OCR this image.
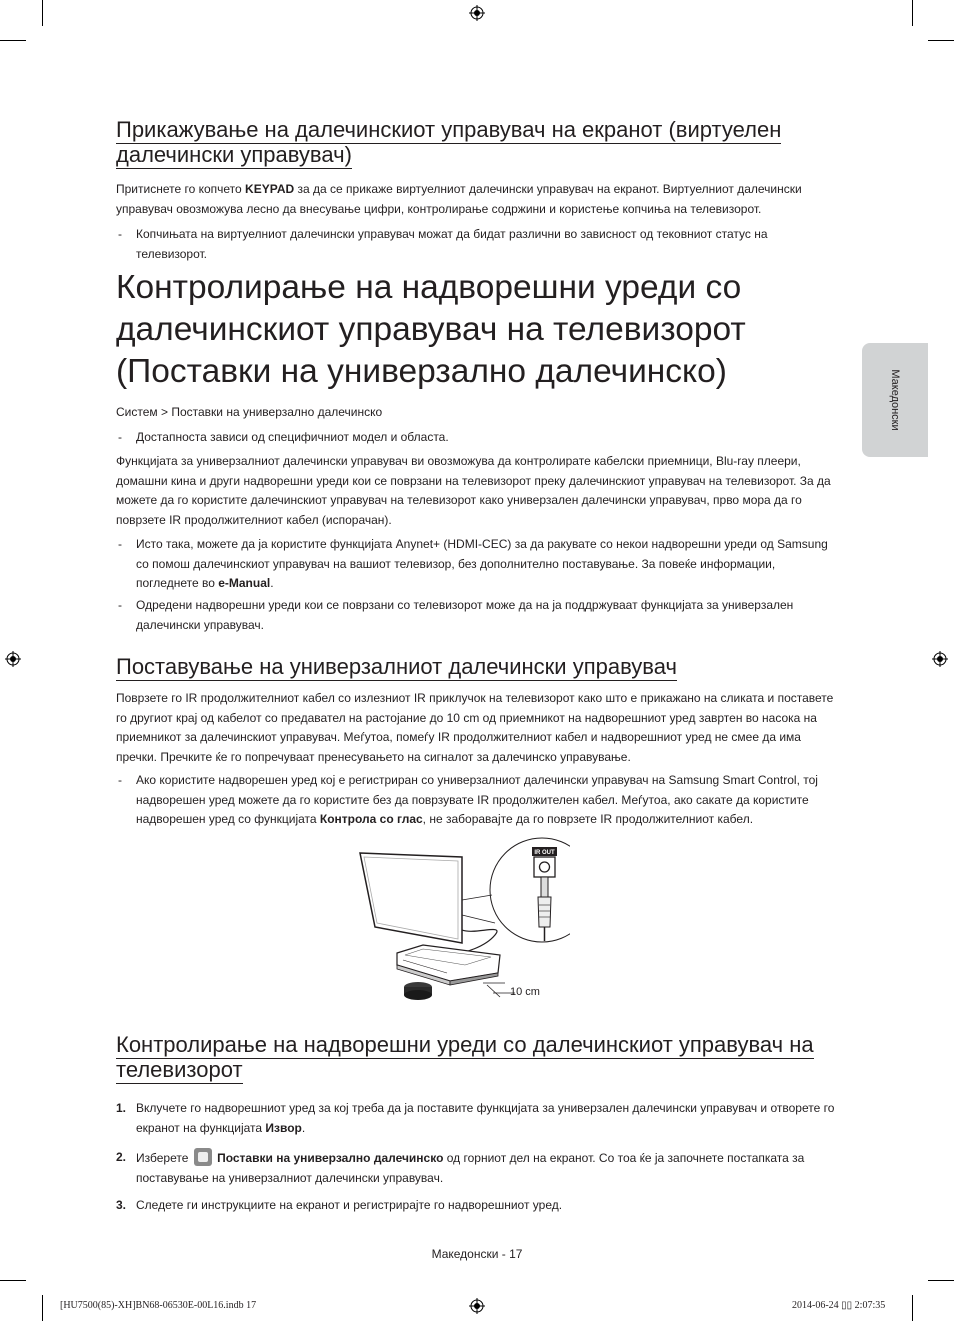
Македонски
Прикажување на далечинскиот управувач на екранот (виртуелен далечински управувач)
Притиснете го копчето KEYPAD за да се прикаже виртуелниот далечински управувач на екранот. Виртуелниот далечински управувач овозможува лесно да внесување цифри, контролирање содржини и користење копчиња на телевизорот.
- Копчињата на виртуелниот далечински управувач можат да бидат различни во зависност од тековниот статус на телевизорот.
Контролирање на надворешни уреди со далечинскиот управувач на телевизорот (Поставки на универзално далечинско)
Систем > Поставки на универзално далечинско
- Достапноста зависи од специфичниот модел и областа.
Функцијата за универзалниот далечински управувач ви овозможува да контролирате кабелски приемници, Blu-ray плеери, домашни кина и други надворешни уреди кои се поврзани на телевизорот преку далечинскиот управувач на телевизорот. За да можете да го користите далечинскиот управувач на телевизорот како универзален далечински управувач, прво мора да го поврзете IR продолжителниот кабел (испорачан).
- Исто така, можете да ја користите функцијата Anynet+ (HDMI-CEC) за да ракувате со некои надворешни уреди од Samsung со помош далечинскиот управувач на вашиот телевизор, без дополнително поставување. За повеќе информации, погледнете во e-Manual.
- Одредени надворешни уреди кои се поврзани со телевизорот може да на ја поддржуваат функцијата за универзален далечински управувач.
Поставување на универзалниот далечински управувач
Поврзете го IR продолжителниот кабел со излезниот IR приклучок на телевизорот како што е прикажано на сликата и поставете го другиот крај од кабелот со предавател на растојание до 10 cm од приемникот на надворешниот уред завртен во насока на приемникот за далечинскиот управувач. Меѓутоа, помеѓу IR продолжителниот кабел и надворешниот уред не смее да има пречки. Пречките ќе го попречуваат пренесувањето на сигналот за далечинско управување.
- Ако користите надворешен уред кој е регистриран со универзалниот далечински управувач на Samsung Smart Control, тој надворешен уред можете да го користите без да поврзувате IR продолжителен кабел. Меѓутоа, ако сакате да користите надворешен уред со функцијата Контрола со глас, не заборавајте да го поврзете IR продолжителниот кабел.
IR OUT
10 cm
Контролирање на надворешни уреди со далечинскиот управувач на телевизорот
1. Вклучете го надворешниот уред за кој треба да ја поставите функцијата за универзален далечински управувач и отворете го екранот на функцијата Извор.
2. Изберете  Поставки на универзално далечинско од горниот дел на екранот. Со тоа ќе ја започнете постапката за поставување на универзалниот далечински управувач.
3. Следете ги инструкциите на екранот и регистрирајте го надворешниот уред.
Македонски - 17
[HU7500(85)-XH]BN68-06530E-00L16.indb 17	2014-06-24 ▯▯ 2:07:35
